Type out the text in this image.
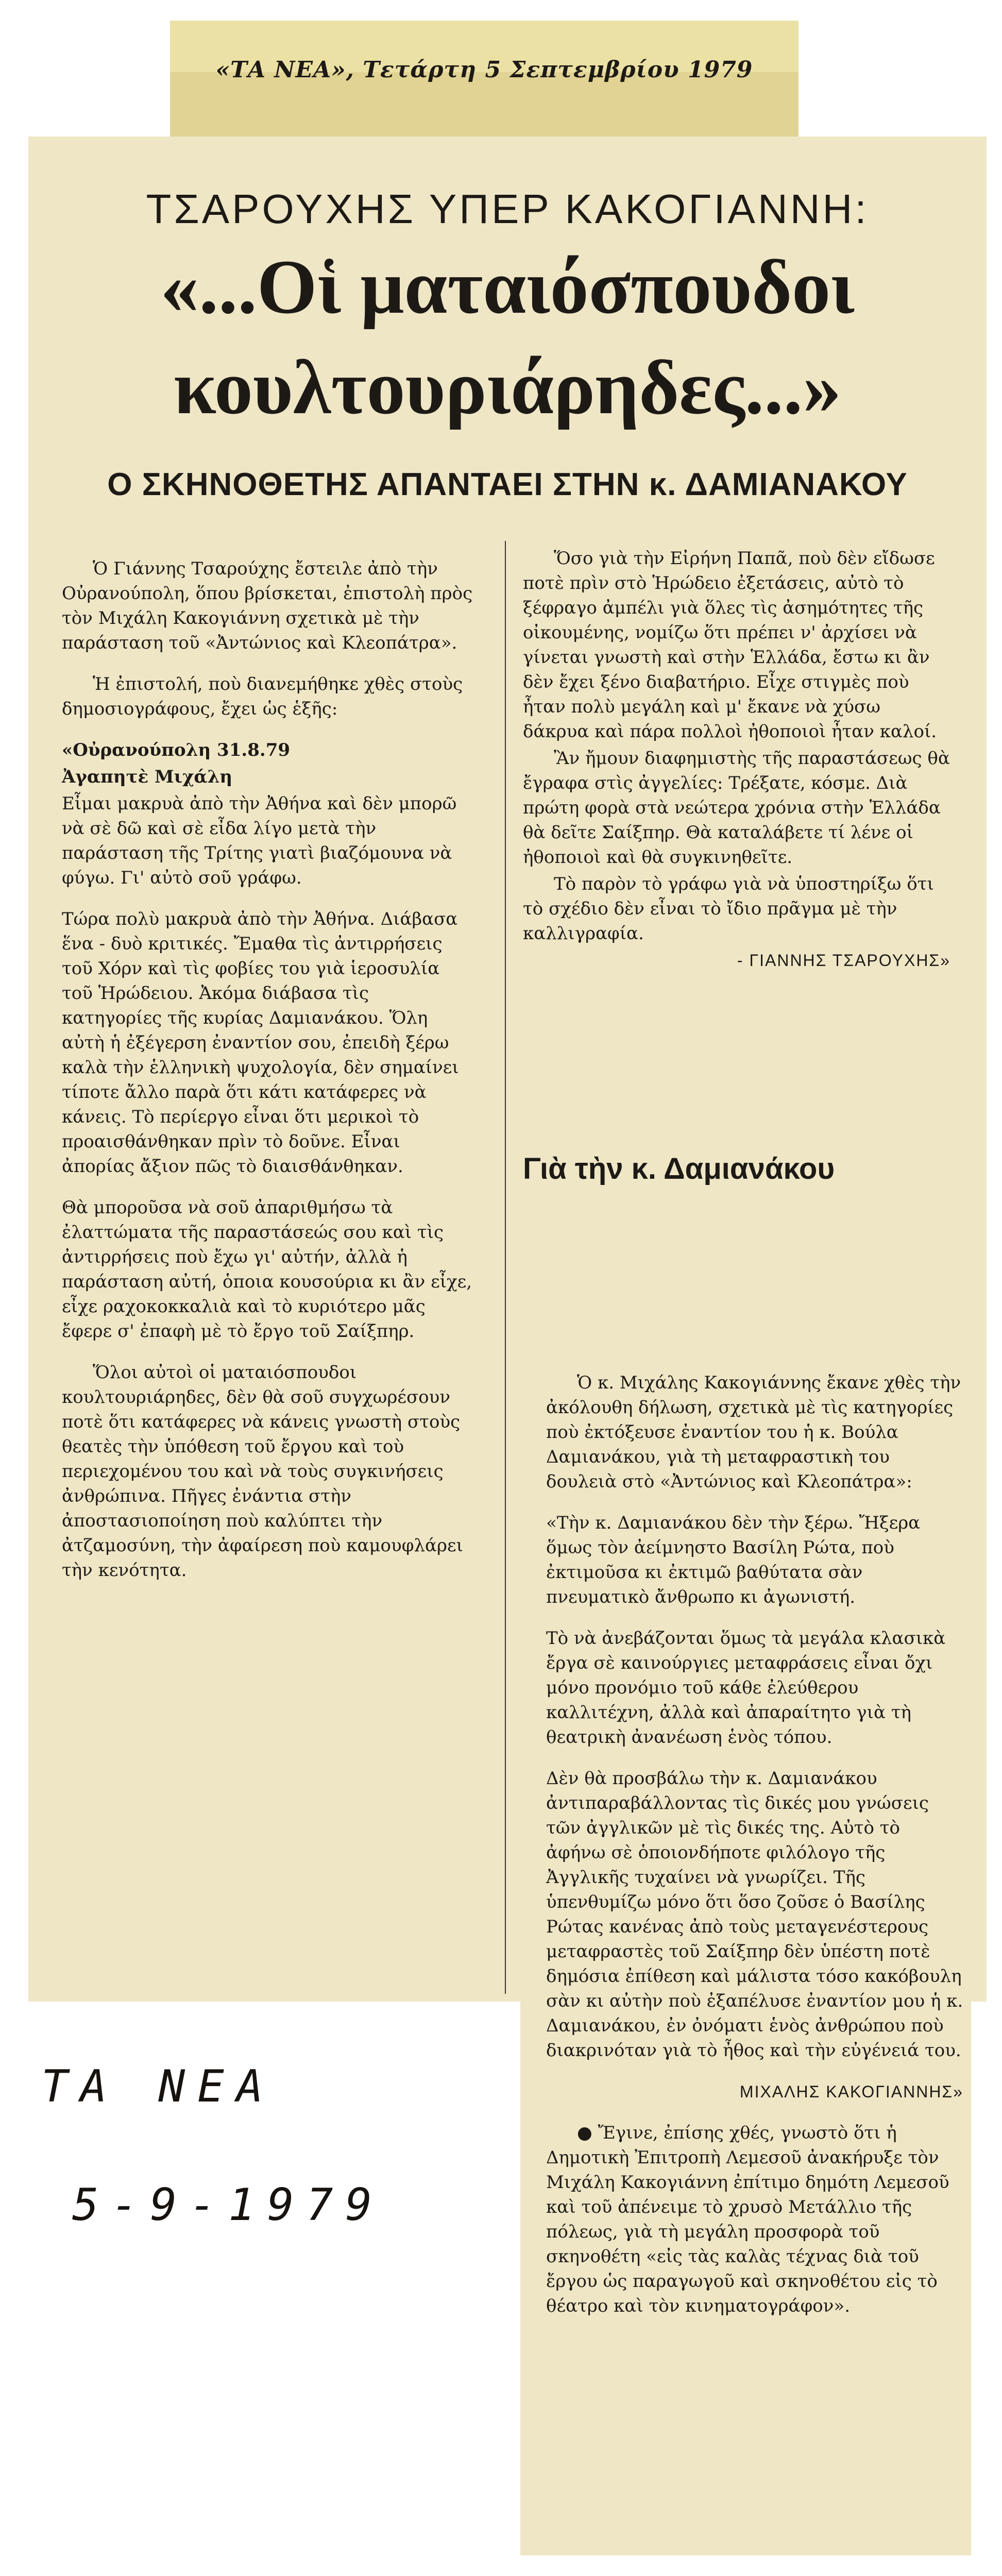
«ΤΑ ΝΕΑ», Τετάρτη 5 Σεπτεμβρίου 1979
ΤΣΑΡΟΥΧΗΣ ΥΠΕΡ ΚΑΚΟΓΙΑΝΝΗ:
«...Οἱ ματαιόσπουδοι
κουλτουριάρηδες...»
Ο ΣΚΗΝΟΘΕΤΗΣ ΑΠΑΝΤΑΕΙ ΣΤΗΝ κ. ΔΑΜΙΑΝΑΚΟΥ

Ὁ Γιάννης Τσαρούχης ἔστειλε ἀπὸ τὴν Οὐρανούπολη, ὅπου βρίσκεται, ἐπιστολὴ πρὸς τὸν Μιχάλη Κακογιάννη σχετικὰ μὲ τὴν παράσταση τοῦ «Ἀντώνιος καὶ Κλεοπάτρα».

Ἡ ἐπιστολή, ποὺ διανεμήθηκε χθὲς στοὺς δημοσιογράφους, ἔχει ὡς ἑξῆς:

«Οὐρανούπολη 31.8.79

Ἀγαπητὲ Μιχάλη

Εἶμαι μακρυὰ ἀπὸ τὴν Ἀθήνα καὶ δὲν μπορῶ νὰ σὲ δῶ καὶ σὲ εἶδα λίγο μετὰ τὴν παράσταση τῆς Τρίτης γιατὶ βιαζόμουνα νὰ φύγω. Γι' αὐτὸ σοῦ γράφω.

Τώρα πολὺ μακρυὰ ἀπὸ τὴν Ἀθήνα. Διάβασα ἕνα - δυὸ κριτικές. Ἔμαθα τὶς ἀντιρρήσεις τοῦ Χόρν καὶ τὶς φοβίες του γιὰ ἱεροσυλία τοῦ Ἡρώδειου. Ἀκόμα διάβασα τὶς κατηγορίες τῆς κυρίας Δαμιανάκου. Ὅλη αὐτὴ ἡ ἐξέγερση ἐναντίον σου, ἐπειδὴ ξέρω καλὰ τὴν ἑλληνικὴ ψυχολογία, δὲν σημαίνει τίποτε ἄλλο παρὰ ὅτι κάτι κατάφερες νὰ κάνεις. Τὸ περίεργο εἶναι ὅτι μερικοὶ τὸ προαισθάνθηκαν πρὶν τὸ δοῦνε. Εἶναι ἀπορίας ἄξιον πῶς τὸ διαισθάνθηκαν.

Θὰ μποροῦσα νὰ σοῦ ἀπαριθμήσω τὰ ἐλαττώματα τῆς παραστάσεώς σου καὶ τὶς ἀντιρρήσεις ποὺ ἔχω γι' αὐτήν, ἀλλὰ ἡ παράσταση αὐτή, ὁποια κουσούρια κι ἂν εἶχε, εἶχε ραχοκοκκαλιὰ καὶ τὸ κυριότερο μᾶς ἔφερε σ' ἐπαφὴ μὲ τὸ ἔργο τοῦ Σαίξπηρ.

Ὅλοι αὐτοὶ οἱ ματαιόσπουδοι κουλτουριάρηδες, δὲν θὰ σοῦ συγχωρέσουν ποτὲ ὅτι κατάφερες νὰ κάνεις γνωστὴ στοὺς θεατὲς τὴν ὑπόθεση τοῦ ἔργου καὶ τοὺ περιεχομένου του καὶ νὰ τοὺς συγκινήσεις ἀνθρώπινα. Πῆγες ἐνάντια στὴν ἀποστασιοποίηση ποὺ καλύπτει τὴν ἀτζαμοσύνη, τὴν ἀφαίρεση ποὺ καμουφλάρει τὴν κενότητα.

Ὅσο γιὰ τὴν Εἰρήνη Παπᾶ, ποὺ δὲν εἴδωσε ποτὲ πρὶν στὸ Ἡρώδειο ἐξετάσεις, αὐτὸ τὸ ξέφραγο ἀμπέλι γιὰ ὅλες τὶς ἀσημότητες τῆς οἰκουμένης, νομίζω ὅτι πρέπει ν' ἀρχίσει νὰ γίνεται γνωστὴ καὶ στὴν Ἑλλάδα, ἔστω κι ἂν δὲν ἔχει ξένο διαβατήριο. Εἶχε στιγμὲς ποὺ ἦταν πολὺ μεγάλη καὶ μ' ἔκανε νὰ χύσω δάκρυα καὶ πάρα πολλοὶ ἠθοποιοὶ ἦταν καλοί.

Ἂν ἤμουν διαφημιστὴς τῆς παραστάσεως θὰ ἔγραφα στὶς ἀγγελίες: Τρέξατε, κόσμε. Διὰ πρώτη φορὰ στὰ νεώτερα χρόνια στὴν Ἑλλάδα θὰ δεῖτε Σαίξπηρ. Θὰ καταλάβετε τί λένε οἱ ἠθοποιοὶ καὶ θὰ συγκινηθεῖτε.

Τὸ παρὸν τὸ γράφω γιὰ νὰ ὑποστηρίξω ὅτι τὸ σχέδιο δὲν εἶναι τὸ ἴδιο πρᾶγμα μὲ τὴν καλλιγραφία.

- ΓΙΑΝΝΗΣ ΤΣΑΡΟΥΧΗΣ»

Γιὰ τὴν κ. Δαμιανάκου

Ὁ κ. Μιχάλης Κακογιάννης ἔκανε χθὲς τὴν ἀκόλουθη δήλωση, σχετικὰ μὲ τὶς κατηγορίες ποὺ ἐκτόξευσε ἐναντίον του ἡ κ. Βούλα Δαμιανάκου, γιὰ τὴ μεταφραστικὴ του δουλειὰ στὸ «Ἀντώνιος καὶ Κλεοπάτρα»:

«Τὴν κ. Δαμιανάκου δὲν τὴν ξέρω. Ἤξερα ὅμως τὸν ἀείμνηστο Βασίλη Ρώτα, ποὺ ἐκτιμοῦσα κι ἐκτιμῶ βαθύτατα σὰν πνευματικὸ ἄνθρωπο κι ἀγωνιστή.

Τὸ νὰ ἀνεβάζονται ὅμως τὰ μεγάλα κλασικὰ ἔργα σὲ καινούργιες μεταφράσεις εἶναι ὄχι μόνο προνόμιο τοῦ κάθε ἐλεύθερου καλλιτέχνη, ἀλλὰ καὶ ἀπαραίτητο γιὰ τὴ θεατρικὴ ἀνανέωση ἑνὸς τόπου.

Δὲν θὰ προσβάλω τὴν κ. Δαμιανάκου ἀντιπαραβάλλοντας τὶς δικές μου γνώσεις τῶν ἀγγλικῶν μὲ τὶς δικές της. Αὐτὸ τὸ ἀφήνω σὲ ὁποιονδήποτε φιλόλογο τῆς Ἀγγλικῆς τυχαίνει νὰ γνωρίζει. Τῆς ὑπενθυμίζω μόνο ὅτι ὅσο ζοῦσε ὁ Βασίλης Ρώτας κανένας ἀπὸ τοὺς μεταγενέστερους μεταφραστὲς τοῦ Σαίξπηρ δὲν ὑπέστη ποτὲ δημόσια ἐπίθεση καὶ μάλιστα τόσο κακόβουλη σὰν κι αὐτὴν ποὺ ἐξαπέλυσε ἐναντίον μου ἡ κ. Δαμιανάκου, ἐν ὀνόματι ἑνὸς ἀνθρώπου ποὺ διακρινόταν γιὰ τὸ ἦθος καὶ τὴν εὐγένειά του.

ΜΙΧΑΛΗΣ ΚΑΚΟΓΙΑΝΝΗΣ»

● Ἔγινε, ἐπίσης χθές, γνωστὸ ὅτι ἡ Δημοτικὴ Ἐπιτροπὴ Λεμεσοῦ ἀνακήρυξε τὸν Μιχάλη Κακογιάννη ἐπίτιμο δημότη Λεμεσοῦ καὶ τοῦ ἀπένειμε τὸ χρυσὸ Μετάλλιο τῆς πόλεως, γιὰ τὴ μεγάλη προσφορὰ τοῦ σκηνοθέτη «εἰς τὰς καλὰς τέχνας διὰ τοῦ ἔργου ὡς παραγωγοῦ καὶ σκηνοθέτου εἰς τὸ θέατρο καὶ τὸν κινηματογράφον».

ΤΑ ΝΕΑ
5-9-1979
